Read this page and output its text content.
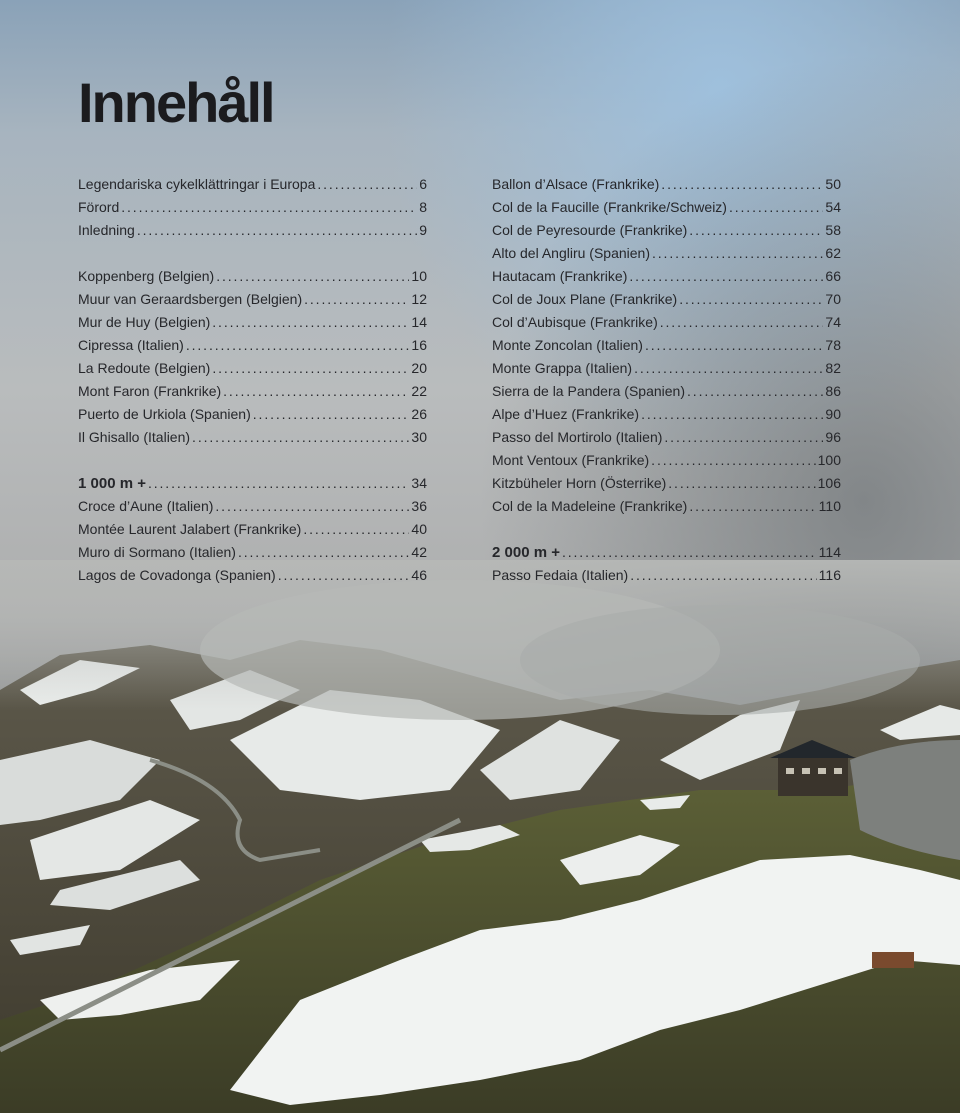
Innehåll
Legendariska cykelklättringar i Europa . . .	6
Förord . . .	8
Inledning . . .	9
Koppenberg (Belgien) . . .	10
Muur van Geraardsbergen (Belgien) . . .	12
Mur de Huy (Belgien) . . .	14
Cipressa (Italien) . . .	16
La Redoute (Belgien) . . .	20
Mont Faron (Frankrike) . . .	22
Puerto de Urkiola (Spanien) . . .	26
Il Ghisallo (Italien) . . .	30
1 000 m + . . .	34
Croce d’Aune (Italien) . . .	36
Montée Laurent Jalabert (Frankrike) . . .	40
Muro di Sormano (Italien) . . .	42
Lagos de Covadonga (Spanien) . . .	46
Ballon d’Alsace (Frankrike) . . .	50
Col de la Faucille (Frankrike/Schweiz) . . .	54
Col de Peyresourde (Frankrike) . . .	58
Alto del Angliru (Spanien) . . .	62
Hautacam (Frankrike) . . .	66
Col de Joux Plane (Frankrike) . . .	70
Col d’Aubisque (Frankrike) . . .	74
Monte Zoncolan (Italien) . . .	78
Monte Grappa (Italien) . . .	82
Sierra de la Pandera (Spanien) . . .	86
Alpe d’Huez (Frankrike) . . .	90
Passo del Mortirolo (Italien) . . .	96
Mont Ventoux (Frankrike) . . .	100
Kitzbüheler Horn (Österrike) . . .	106
Col de la Madeleine (Frankrike) . . .	110
2 000 m + . . .	114
Passo Fedaia (Italien) . . .	116
